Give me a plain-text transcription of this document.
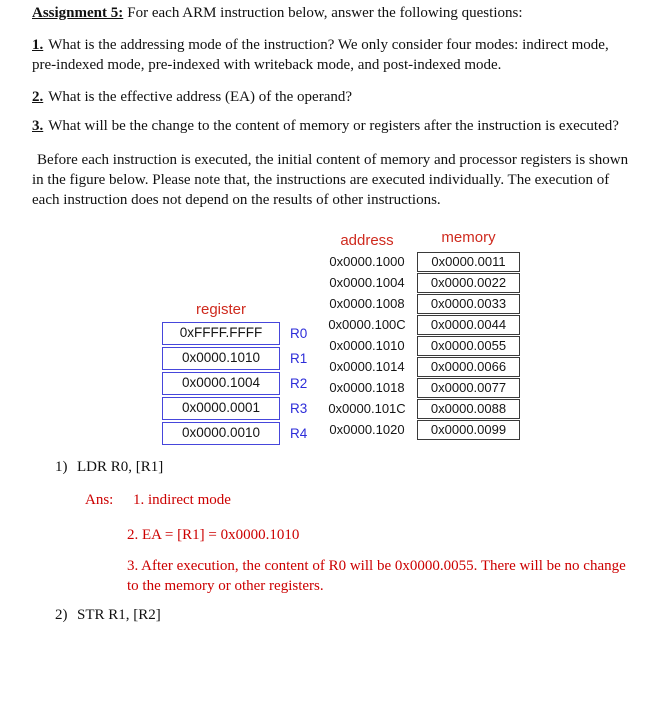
Assignment 5: For each ARM instruction below, answer the following questions:
1. What is the addressing mode of the instruction? We only consider four modes: indirect mode,
pre-indexed mode, pre-indexed with writeback mode, and post-indexed mode.
2. What is the effective address (EA) of the operand?
3. What will be the change to the content of memory or registers after the instruction is executed?
Before each instruction is executed, the initial content of memory and processor registers is shown
in the figure below. Please note that, the instructions are executed individually. The execution of
each instruction does not depend on the results of other instructions.
register
0xFFFF.FFFF
0x0000.1010
0x0000.1004
0x0000.0001
0x0000.0010
R0
R1
R2
R3
R4
address	memory
0x0000.1000
0x0000.1004
0x0000.1008
0x0000.100C
0x0000.1010
0x0000.1014
0x0000.1018
0x0000.101C
0x0000.1020
0x0000.0011
0x0000.0022
0x0000.0033
0x0000.0044
0x0000.0055
0x0000.0066
0x0000.0077
0x0000.0088
0x0000.0099
1) LDR R0, [R1]
Ans: 1. indirect mode
2. EA = [R1] = 0x0000.1010
3. After execution, the content of R0 will be 0x0000.0055. There will be no change
to the memory or other registers.
2) STR R1, [R2]
